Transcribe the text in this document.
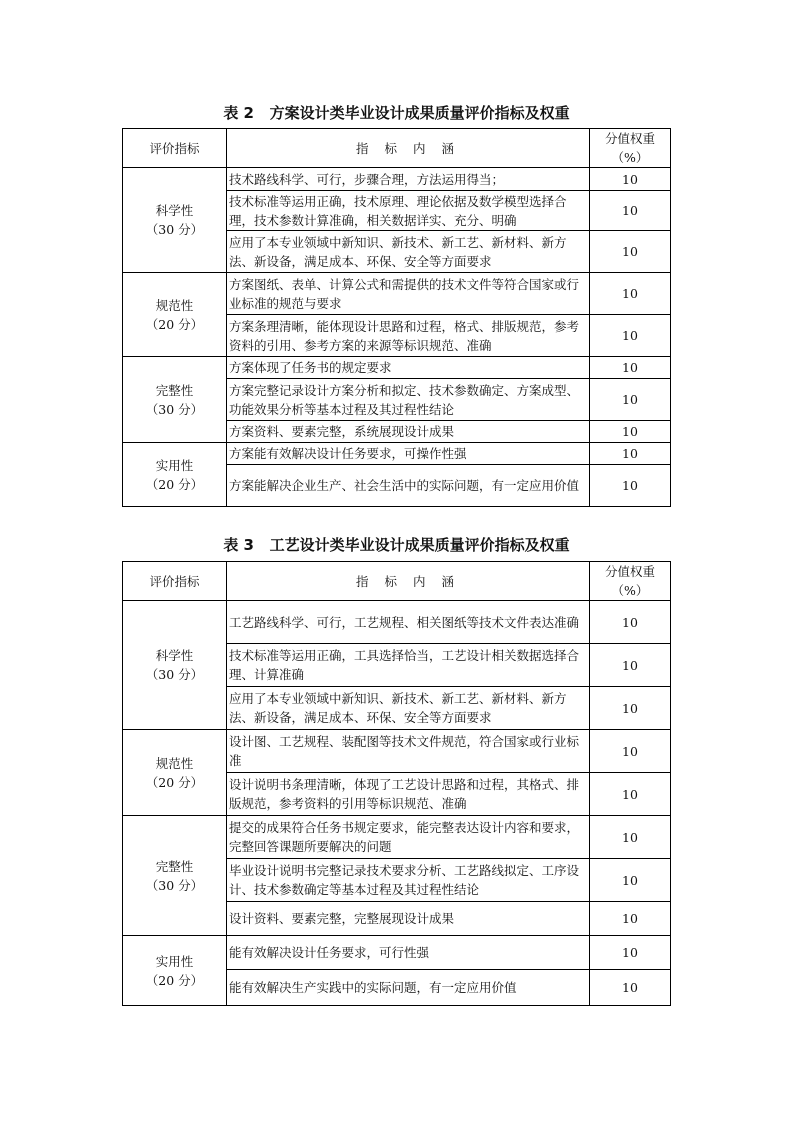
表 2   方案设计类毕业设计成果质量评价指标及权重
评价指标	指 标 内 涵	分值权重（%）

科学性
（30 分）	技术路线科学、可行，步骤合理，方法运用得当；	10
	技术标准等运用正确，技术原理、理论依据及数学模型选择合理，技术参数计算准确，相关数据详实、充分、明确	10
	应用了本专业领域中新知识、新技术、新工艺、新材料、新方法、新设备，满足成本、环保、安全等方面要求	10

规范性
（20 分）	方案图纸、表单、计算公式和需提供的技术文件等符合国家或行业标准的规范与要求	10
	方案条理清晰，能体现设计思路和过程，格式、排版规范，参考资料的引用、参考方案的来源等标识规范、准确	10

完整性
（30 分）	方案体现了任务书的规定要求	10
	方案完整记录设计方案分析和拟定、技术参数确定、方案成型、功能效果分析等基本过程及其过程性结论	10
	方案资料、要素完整，系统展现设计成果	10

实用性
（20 分）	方案能有效解决设计任务要求，可操作性强	10
	方案能解决企业生产、社会生活中的实际问题，有一定应用价值	10
表 3   工艺设计类毕业设计成果质量评价指标及权重
评价指标	指 标 内 涵	分值权重（%）

科学性
（30 分）	工艺路线科学、可行，工艺规程、相关图纸等技术文件表达准确	10
	技术标准等运用正确，工具选择恰当，工艺设计相关数据选择合理、计算准确	10
	应用了本专业领域中新知识、新技术、新工艺、新材料、新方法、新设备，满足成本、环保、安全等方面要求	10

规范性
（20 分）	设计图、工艺规程、装配图等技术文件规范，符合国家或行业标准	10
	设计说明书条理清晰，体现了工艺设计思路和过程，其格式、排版规范，参考资料的引用等标识规范、准确	10

完整性
（30 分）	提交的成果符合任务书规定要求，能完整表达设计内容和要求，完整回答课题所要解决的问题	10
	毕业设计说明书完整记录技术要求分析、工艺路线拟定、工序设计、技术参数确定等基本过程及其过程性结论	10
	设计资料、要素完整，完整展现设计成果	10

实用性
（20 分）	能有效解决设计任务要求，可行性强	10
	能有效解决生产实践中的实际问题，有一定应用价值	10
